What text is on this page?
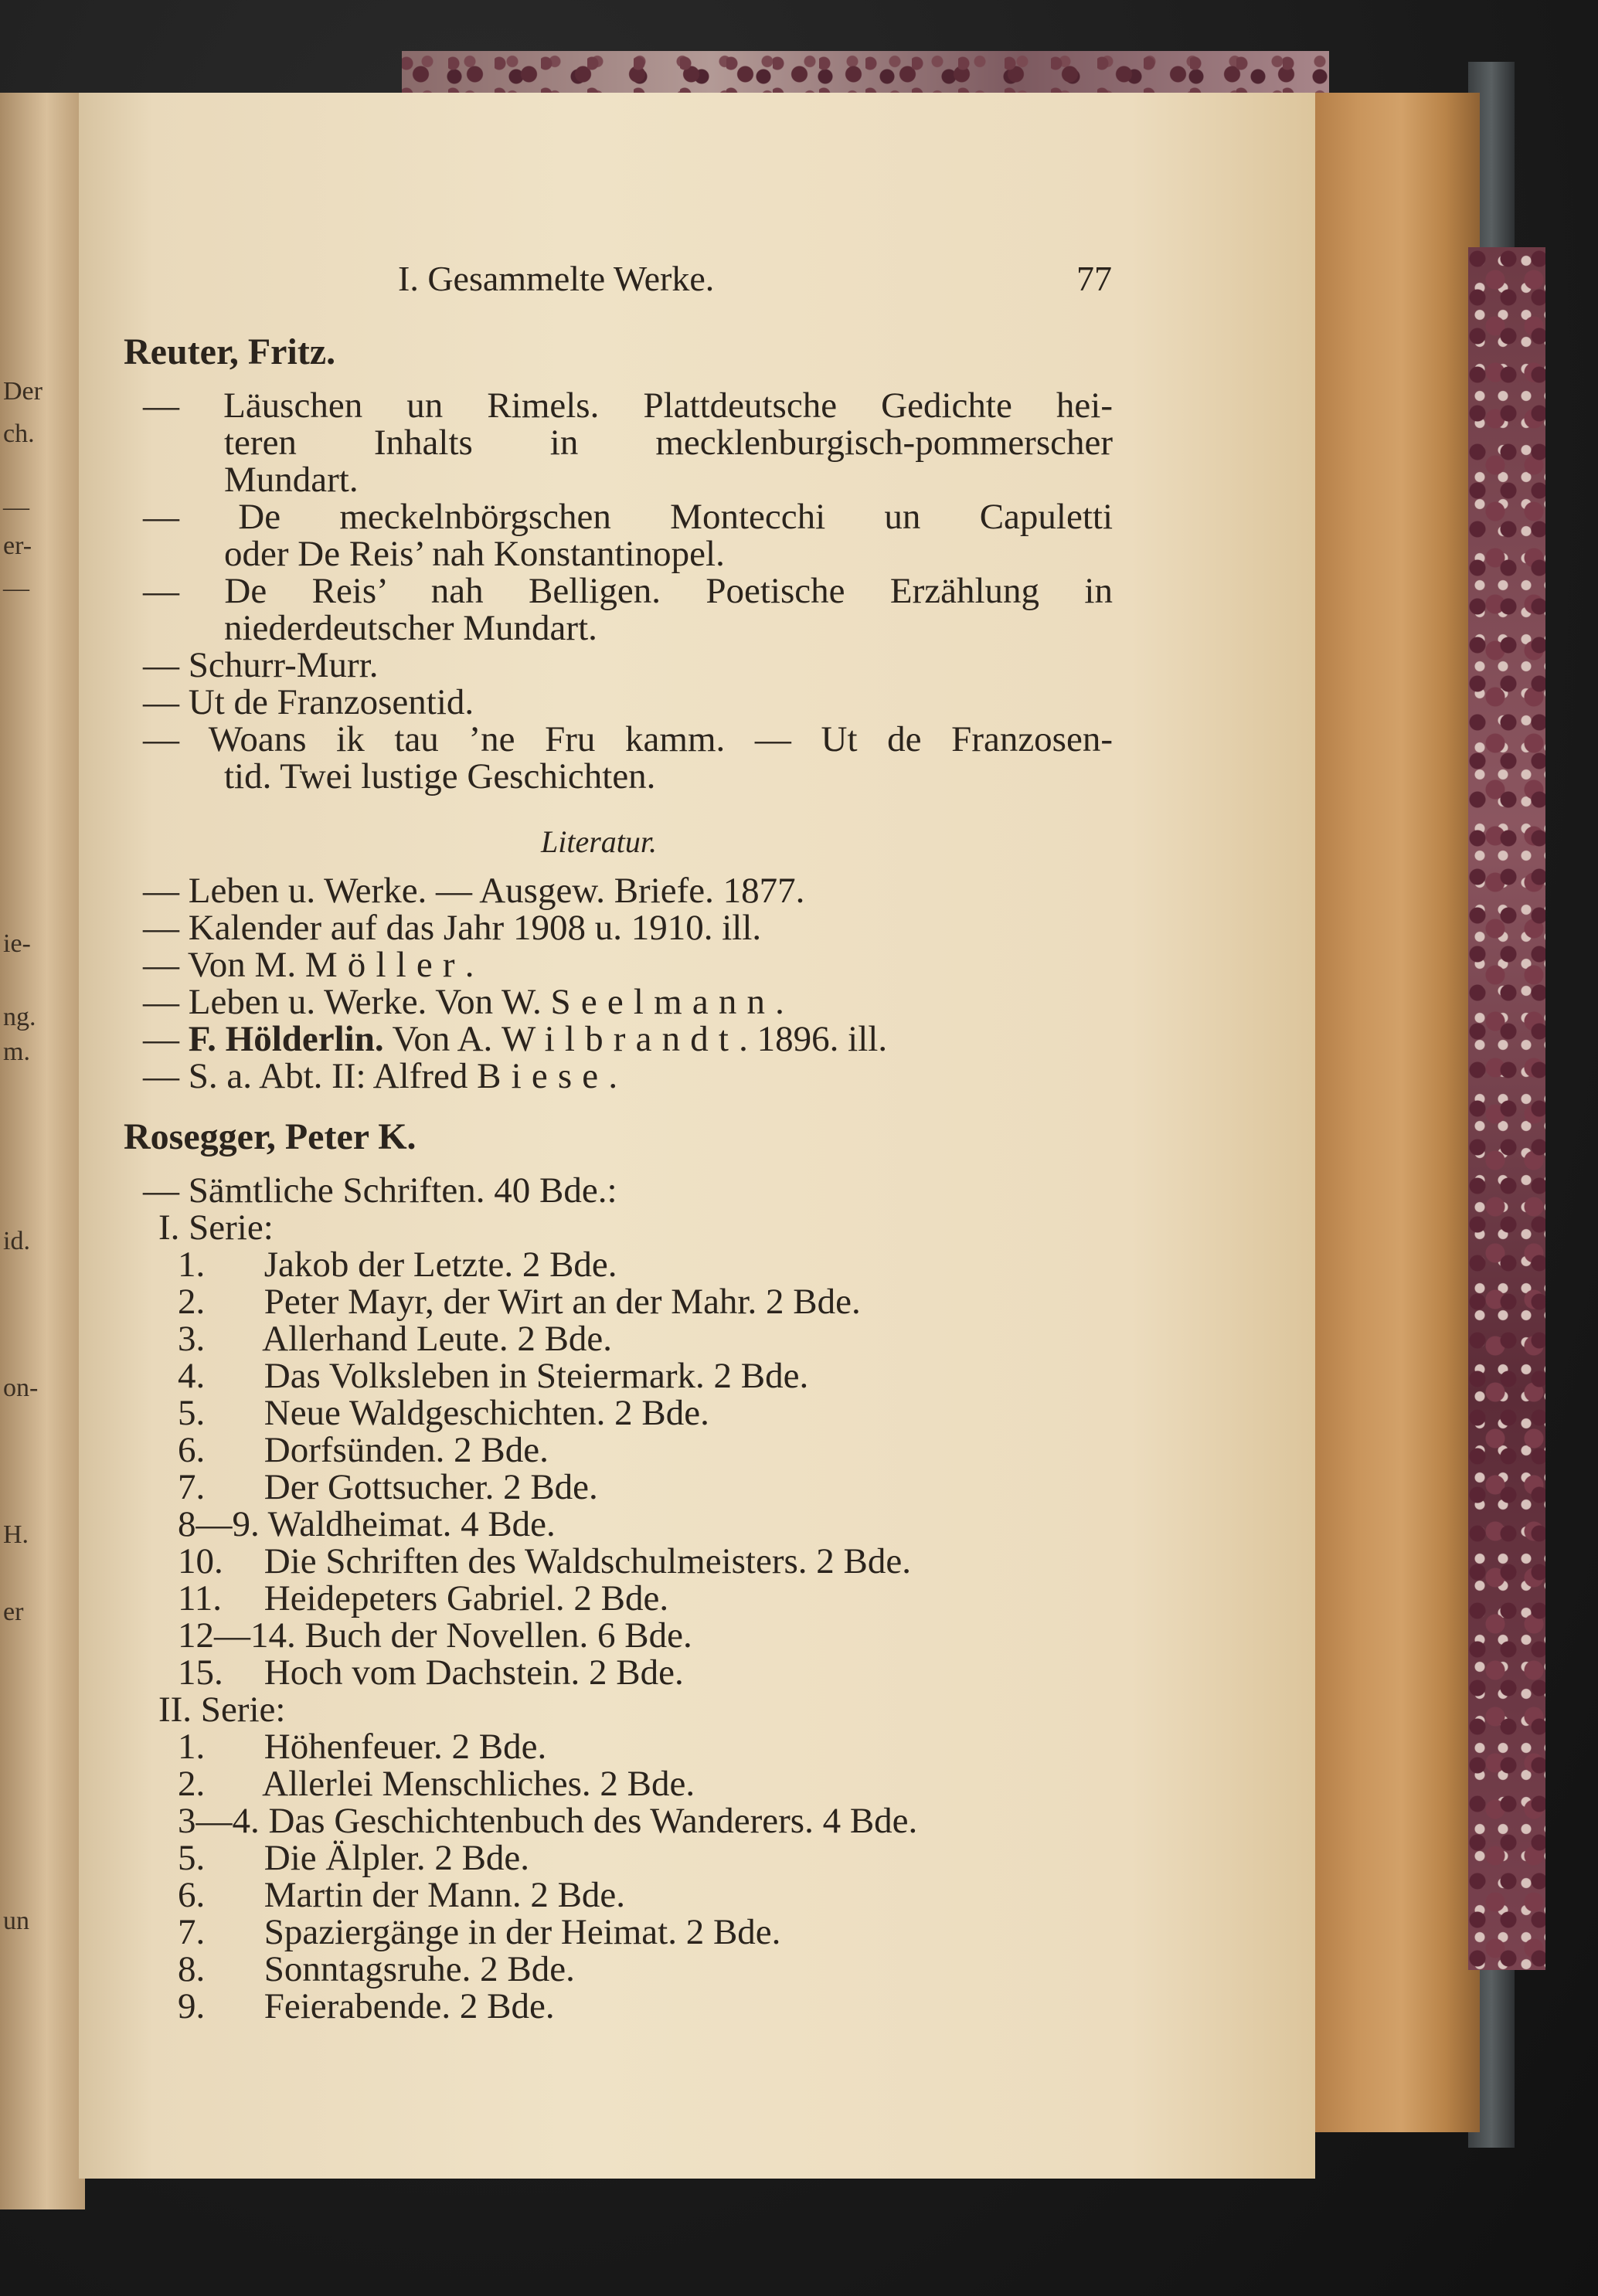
Der
ch.
—
er-
—
ie-
ng.
m.
id.
on-
H.
er
un
I. Gesammelte Werke.	77
Reuter, Fritz.
— Läuschen un Rimels. Plattdeutsche Gedichte hei-
teren Inhalts in mecklenburgisch-pommerscher
Mundart.
— De meckelnbörgschen Montecchi un Capuletti
oder De Reis’ nah Konstantinopel.
— De Reis’ nah Belligen. Poetische Erzählung in
niederdeutscher Mundart.
— Schurr-Murr.
— Ut de Franzosentid.
— Woans ik tau ’ne Fru kamm. — Ut de Franzosen-
tid. Twei lustige Geschichten.
Literatur.
— Leben u. Werke. — Ausgew. Briefe. 1877.
— Kalender auf das Jahr 1908 u. 1910. ill.
— Von M. Möller.
— Leben u. Werke. Von W. Seelmann.
— F. Hölderlin. Von A. Wilbrandt. 1896. ill.
— S. a. Abt. II: Alfred Biese.
Rosegger, Peter K.
— Sämtliche Schriften. 40 Bde.:
I. Serie:
1. Jakob der Letzte. 2 Bde.
2. Peter Mayr, der Wirt an der Mahr. 2 Bde.
3. Allerhand Leute. 2 Bde.
4. Das Volksleben in Steiermark. 2 Bde.
5. Neue Waldgeschichten. 2 Bde.
6. Dorfsünden. 2 Bde.
7. Der Gottsucher. 2 Bde.
8—9. Waldheimat. 4 Bde.
10. Die Schriften des Waldschulmeisters. 2 Bde.
11. Heidepeters Gabriel. 2 Bde.
12—14. Buch der Novellen. 6 Bde.
15. Hoch vom Dachstein. 2 Bde.
II. Serie:
1. Höhenfeuer. 2 Bde.
2. Allerlei Menschliches. 2 Bde.
3—4. Das Geschichtenbuch des Wanderers. 4 Bde.
5. Die Älpler. 2 Bde.
6. Martin der Mann. 2 Bde.
7. Spaziergänge in der Heimat. 2 Bde.
8. Sonntagsruhe. 2 Bde.
9. Feierabende. 2 Bde.
